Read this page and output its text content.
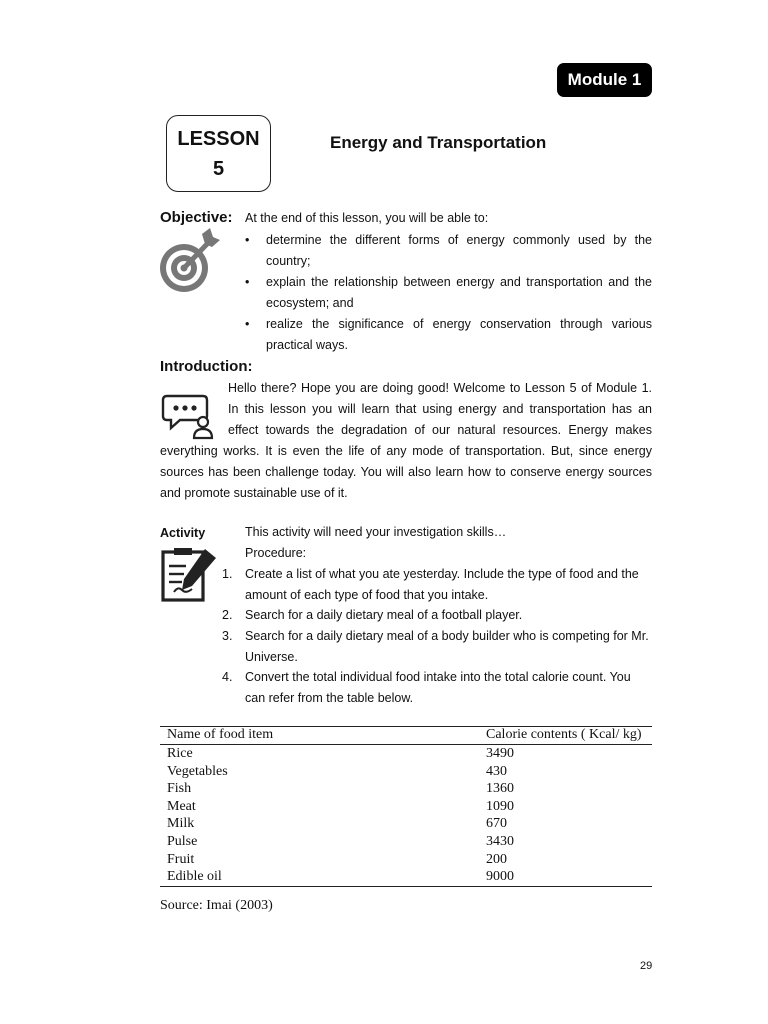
Module 1
LESSON
5
Energy and Transportation
Objective: At the end of this lesson, you will be able to:
•	determine the different forms of energy commonly used by the country;
•	explain the relationship between energy and transportation and the ecosystem; and
•	realize the significance of energy conservation through various practical ways.
Introduction:
Hello there? Hope you are doing good! Welcome to Lesson 5 of Module 1.
In this lesson you will learn that using energy and transportation has an
effect towards the degradation of our natural resources. Energy makes
everything works. It is even the life of any mode of transportation. But, since energy
sources has been challenge today. You will also learn how to conserve energy sources
and promote sustainable use of it.
Activity	This activity will need your investigation skills…
Procedure:
1.	Create a list of what you ate yesterday. Include the type of food and the amount of each type of food that you intake.
2.	Search for a daily dietary meal of a football player.
3.	Search for a daily dietary meal of a body builder who is competing for Mr. Universe.
4.	Convert the total individual food intake into the total calorie count. You can refer from the table below.
Name of food item	Calorie contents ( Kcal/ kg)
Rice	3490
Vegetables	430
Fish	1360
Meat	1090
Milk	670
Pulse	3430
Fruit	200
Edible oil	9000
Source: Imai (2003)
29
